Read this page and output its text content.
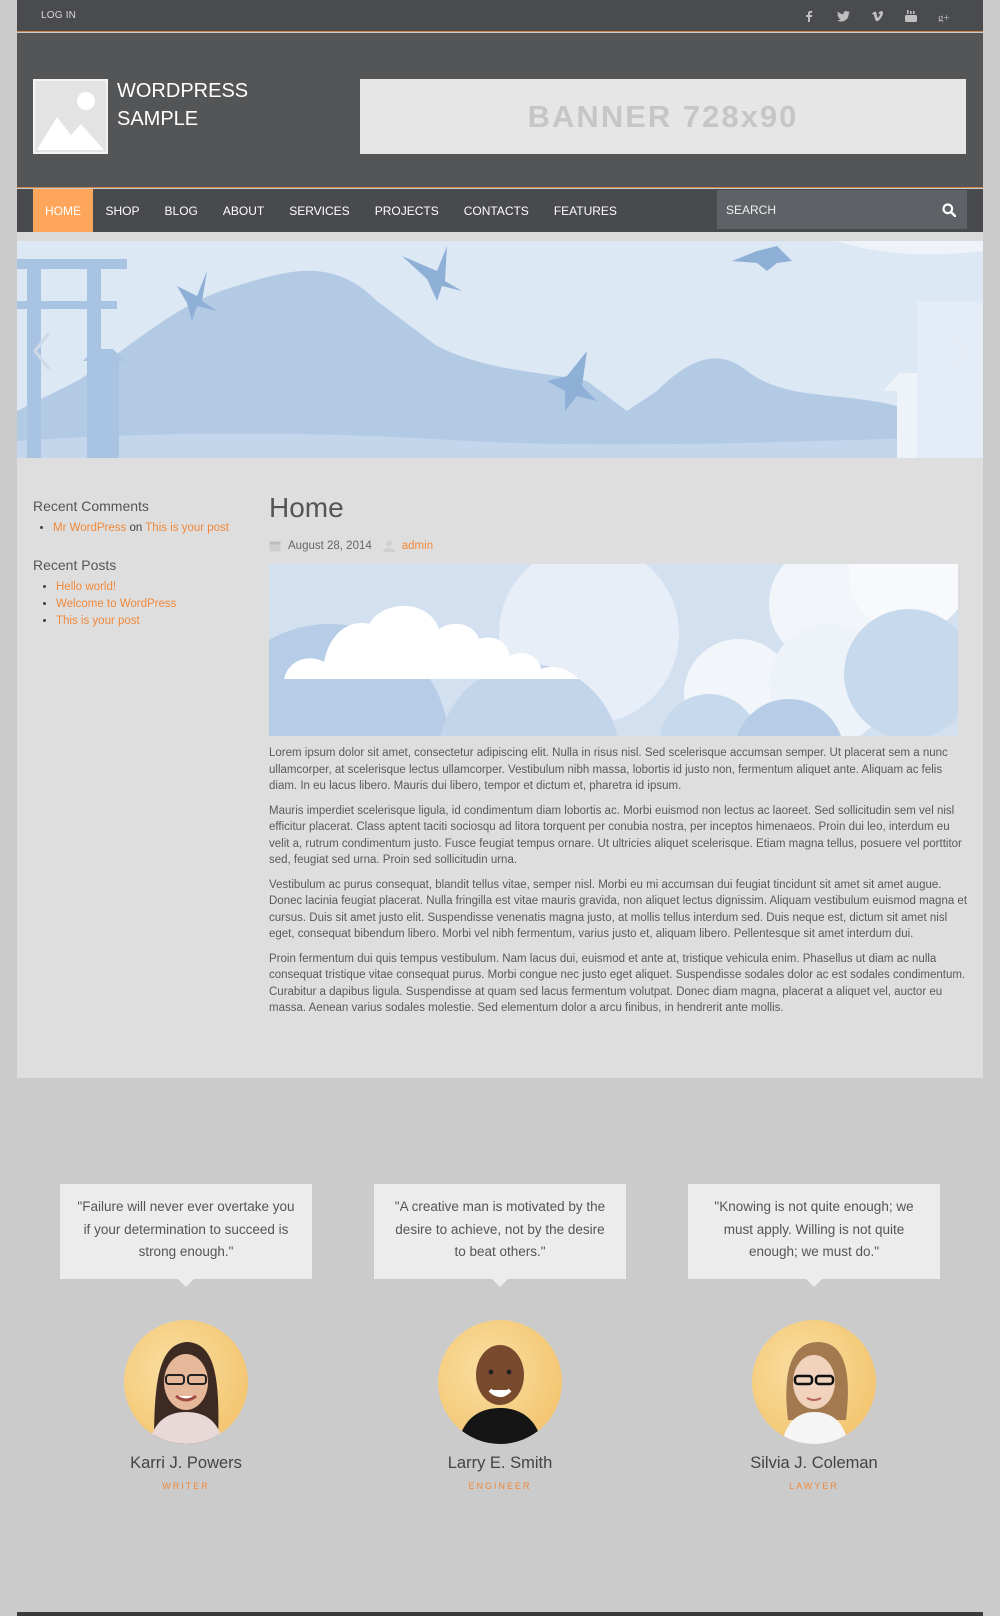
LOG IN	g+
WORDPRESS SAMPLE	BANNER 728x90
HOME	SHOP	BLOG	ABOUT	SERVICES	PROJECTS	CONTACTS	FEATURES
SEARCH
Recent Comments
• Mr WordPress on This is your post
Recent Posts
• Hello world!
• Welcome to WordPress
• This is your post
Home
August 28, 2014	admin

Lorem ipsum dolor sit amet, consectetur adipiscing elit. Nulla in risus nisl. Sed scelerisque accumsan semper. Ut placerat sem a nunc ullamcorper, at scelerisque lectus ullamcorper. Vestibulum nibh massa, lobortis id justo non, fermentum aliquet ante. Aliquam ac felis diam. In eu lacus libero. Mauris dui libero, tempor et dictum et, pharetra id ipsum.

Mauris imperdiet scelerisque ligula, id condimentum diam lobortis ac. Morbi euismod non lectus ac laoreet. Sed sollicitudin sem vel nisl efficitur placerat. Class aptent taciti sociosqu ad litora torquent per conubia nostra, per inceptos himenaeos. Proin dui leo, interdum eu velit a, rutrum condimentum justo. Fusce feugiat tempus ornare. Ut ultricies aliquet scelerisque. Etiam magna tellus, posuere vel porttitor sed, feugiat sed urna. Proin sed sollicitudin urna.

Vestibulum ac purus consequat, blandit tellus vitae, semper nisl. Morbi eu mi accumsan dui feugiat tincidunt sit amet sit amet augue. Donec lacinia feugiat placerat. Nulla fringilla est vitae mauris gravida, non aliquet lectus dignissim. Aliquam vestibulum euismod magna et cursus. Duis sit amet justo elit. Suspendisse venenatis magna justo, at mollis tellus interdum sed. Duis neque est, dictum sit amet nisl eget, consequat bibendum libero. Morbi vel nibh fermentum, varius justo et, aliquam libero. Pellentesque sit amet interdum dui.

Proin fermentum dui quis tempus vestibulum. Nam lacus dui, euismod et ante at, tristique vehicula enim. Phasellus ut diam ac nulla consequat tristique vitae consequat purus. Morbi congue nec justo eget aliquet. Suspendisse sodales dolor ac est sodales condimentum. Curabitur a dapibus ligula. Suspendisse at quam sed lacus fermentum volutpat. Donec diam magna, placerat a aliquet vel, auctor eu massa. Aenean varius sodales molestie. Sed elementum dolor a arcu finibus, in hendrerit ante mollis.

"Failure will never ever overtake you if your determination to succeed is strong enough."
Karri J. Powers
WRITER
"A creative man is motivated by the desire to achieve, not by the desire to beat others."
Larry E. Smith
ENGINEER
"Knowing is not quite enough; we must apply. Willing is not quite enough; we must do."
Silvia J. Coleman
LAWYER
